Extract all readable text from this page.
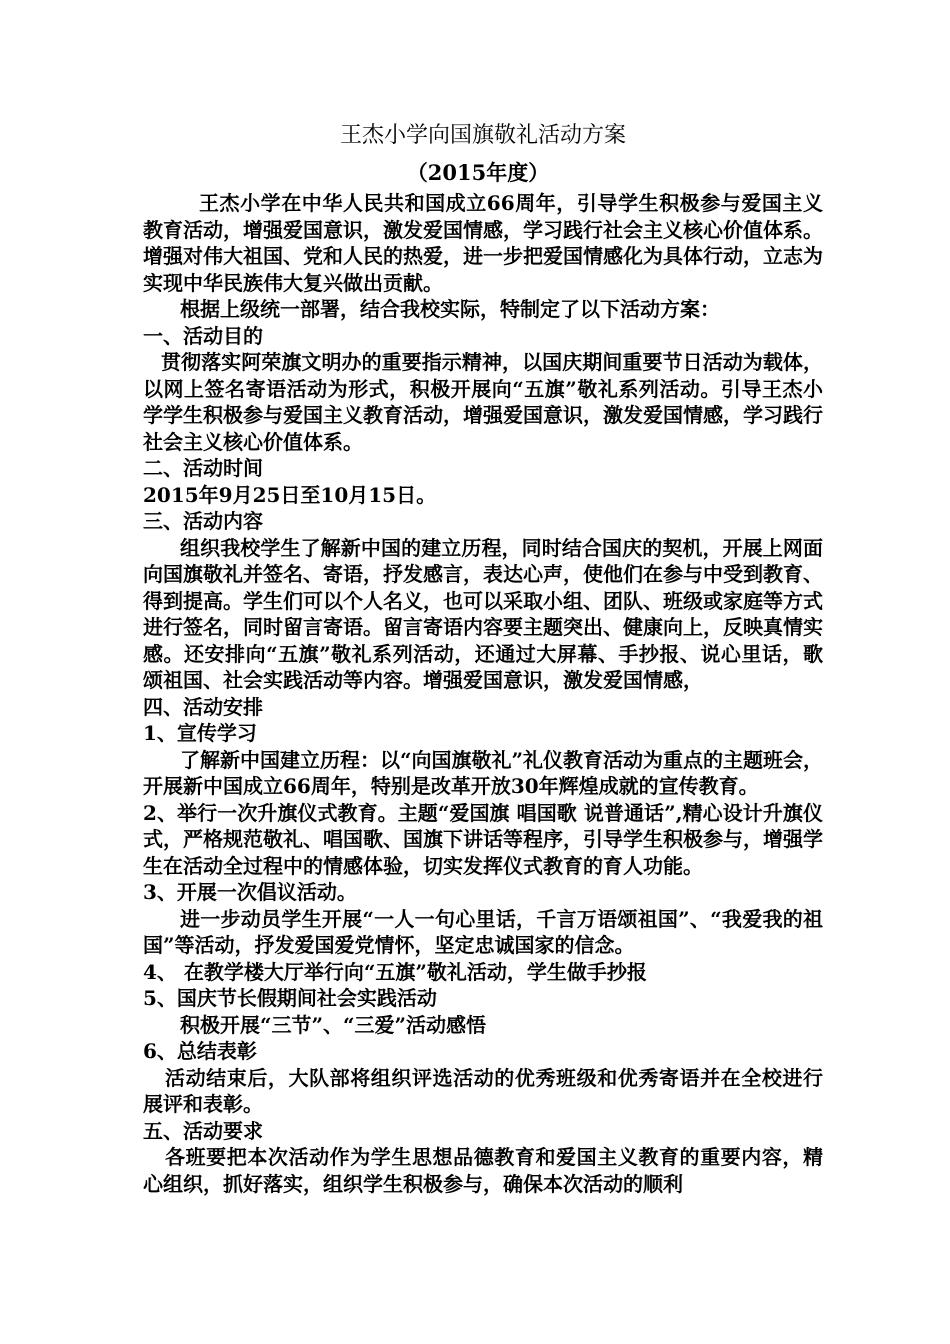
王杰小学向国旗敬礼活动方案
（2015年度）

王杰小学在中华人民共和国成立66周年，引导学生积极参与爱国主义教育活动，增强爱国意识，激发爱国情感，学习践行社会主义核心价值体系。增强对伟大祖国、党和人民的热爱，进一步把爱国情感化为具体行动，立志为实现中华民族伟大复兴做出贡献。

根据上级统一部署，结合我校实际，特制定了以下活动方案：

一、活动目的

贯彻落实阿荣旗文明办的重要指示精神，以国庆期间重要节日活动为载体，以网上签名寄语活动为形式，积极开展向“五旗”敬礼系列活动。引导王杰小学学生积极参与爱国主义教育活动，增强爱国意识，激发爱国情感，学习践行社会主义核心价值体系。

二、活动时间

2015年9月25日至10月15日。

三、活动内容

组织我校学生了解新中国的建立历程，同时结合国庆的契机，开展上网面向国旗敬礼并签名、寄语，抒发感言，表达心声，使他们在参与中受到教育、得到提高。学生们可以个人名义，也可以采取小组、团队、班级或家庭等方式进行签名，同时留言寄语。留言寄语内容要主题突出、健康向上，反映真情实感。还安排向“五旗”敬礼系列活动，还通过大屏幕、手抄报、说心里话，歌颂祖国、社会实践活动等内容。增强爱国意识，激发爱国情感，

四、活动安排

1、宣传学习

了解新中国建立历程：以“向国旗敬礼”礼仪教育活动为重点的主题班会，开展新中国成立66周年，特别是改革开放30年辉煌成就的宣传教育。

2、举行一次升旗仪式教育。主题“爱国旗 唱国歌 说普通话”,精心设计升旗仪式，严格规范敬礼、唱国歌、国旗下讲话等程序，引导学生积极参与，增强学生在活动全过程中的情感体验，切实发挥仪式教育的育人功能。

3、开展一次倡议活动。

进一步动员学生开展“一人一句心里话，千言万语颂祖国”、“我爱我的祖国”等活动，抒发爱国爱党情怀，坚定忠诚国家的信念。

4、 在教学楼大厅举行向“五旗”敬礼活动，学生做手抄报

5、国庆节长假期间社会实践活动

积极开展“三节”、“三爱”活动感悟

6、总结表彰

活动结束后，大队部将组织评选活动的优秀班级和优秀寄语并在全校进行展评和表彰。

五、活动要求

各班要把本次活动作为学生思想品德教育和爱国主义教育的重要内容，精心组织，抓好落实，组织学生积极参与，确保本次活动的顺利
